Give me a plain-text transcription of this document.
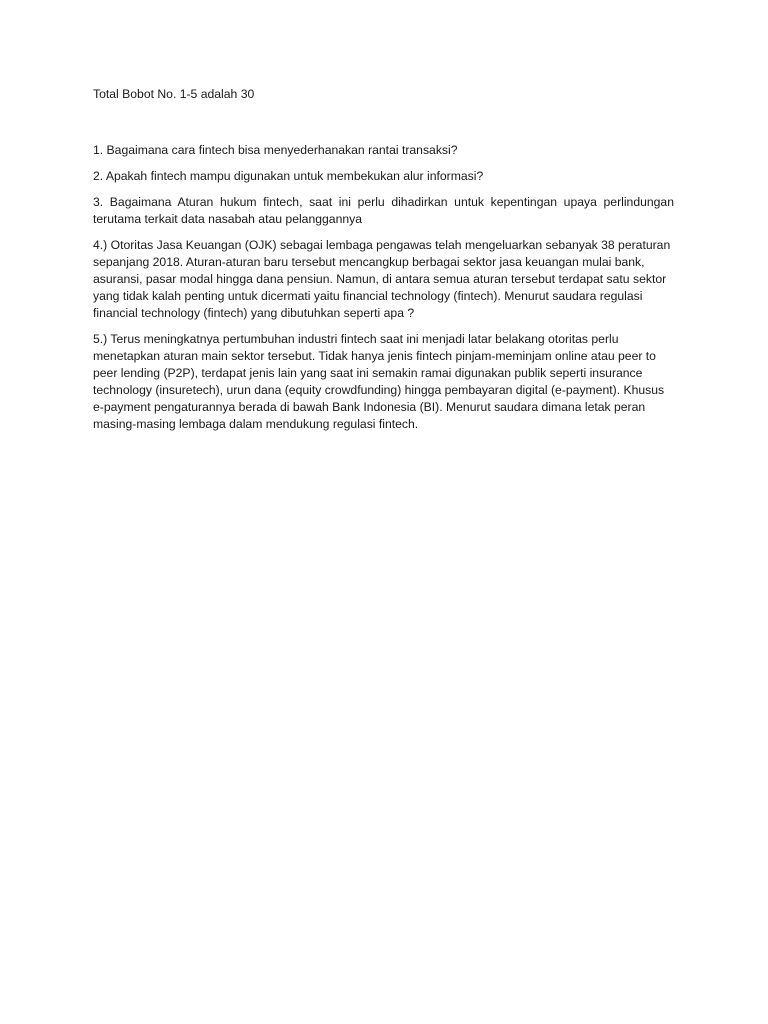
Total Bobot No. 1-5 adalah 30

1. Bagaimana cara fintech bisa menyederhanakan rantai transaksi?

2. Apakah fintech mampu digunakan untuk membekukan alur informasi?

3. Bagaimana Aturan hukum fintech, saat ini perlu dihadirkan untuk kepentingan upaya perlindungan terutama terkait data nasabah atau pelanggannya

4.) Otoritas Jasa Keuangan (OJK) sebagai lembaga pengawas telah mengeluarkan sebanyak 38 peraturan sepanjang 2018. Aturan-aturan baru tersebut mencangkup berbagai sektor jasa keuangan mulai bank, asuransi, pasar modal hingga dana pensiun. Namun, di antara semua aturan tersebut terdapat satu sektor yang tidak kalah penting untuk dicermati yaitu financial technology (fintech). Menurut saudara regulasi financial technology (fintech) yang dibutuhkan seperti apa ?

5.) Terus meningkatnya pertumbuhan industri fintech saat ini menjadi latar belakang otoritas perlu menetapkan aturan main sektor tersebut. Tidak hanya jenis fintech pinjam-meminjam online atau peer to peer lending (P2P), terdapat jenis lain yang saat ini semakin ramai digunakan publik seperti insurance technology (insuretech), urun dana (equity crowdfunding) hingga pembayaran digital (e-payment). Khusus e-payment pengaturannya berada di bawah Bank Indonesia (BI). Menurut saudara dimana letak peran masing-masing lembaga dalam mendukung regulasi fintech.
